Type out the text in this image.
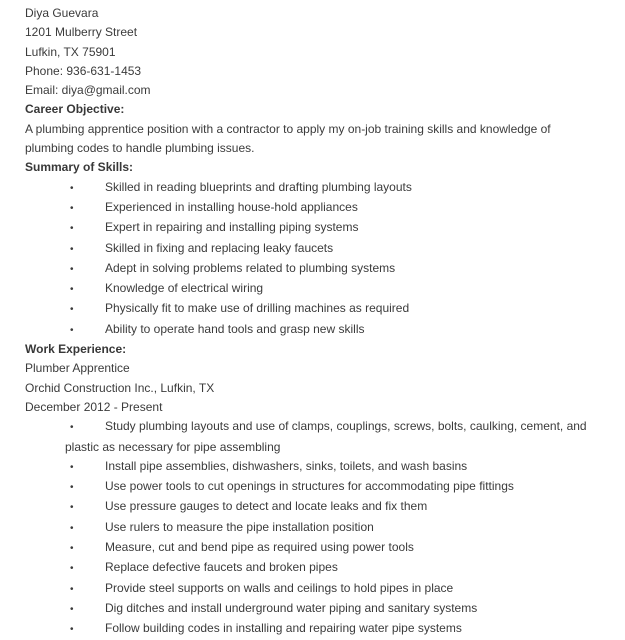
Diya Guevara

1201 Mulberry Street

Lufkin, TX 75901

Phone: 936-631-1453

Email: diya@gmail.com

Career Objective:

A plumbing apprentice position with a contractor to apply my on-job training skills and knowledge of plumbing codes to handle plumbing issues.

Summary of Skills:

•	Skilled in reading blueprints and drafting plumbing layouts
•	Experienced in installing house-hold appliances
•	Expert in repairing and installing piping systems
•	Skilled in fixing and replacing leaky faucets
•	Adept in solving problems related to plumbing systems
•	Knowledge of electrical wiring
•	Physically fit to make use of drilling machines as required
•	Ability to operate hand tools and grasp new skills

Work Experience:

Plumber Apprentice

Orchid Construction Inc., Lufkin, TX

December 2012 - Present

•	Study plumbing layouts and use of clamps, couplings, screws, bolts, caulking, cement, and plastic as necessary for pipe assembling
•	Install pipe assemblies, dishwashers, sinks, toilets, and wash basins
•	Use power tools to cut openings in structures for accommodating pipe fittings
•	Use pressure gauges to detect and locate leaks and fix them
•	Use rulers to measure the pipe installation position
•	Measure, cut and bend pipe as required using power tools
•	Replace defective faucets and broken pipes
•	Provide steel supports on walls and ceilings to hold pipes in place
•	Dig ditches and install underground water piping and sanitary systems
•	Follow building codes in installing and repairing water pipe systems
